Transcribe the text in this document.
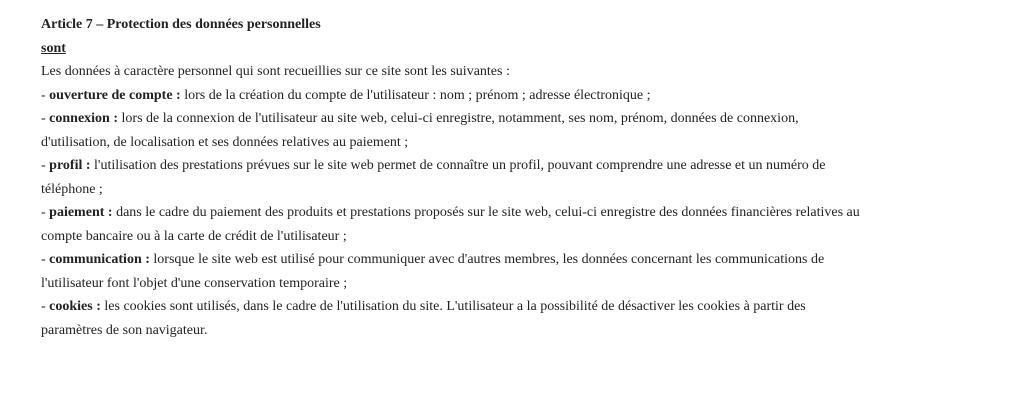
Article 7 – Protection des données personnelles
sont
Les données à caractère personnel qui sont recueillies sur ce site sont les suivantes :
- ouverture de compte : lors de la création du compte de l'utilisateur : nom ; prénom ; adresse électronique ;
- connexion : lors de la connexion de l'utilisateur au site web, celui-ci enregistre, notamment, ses nom, prénom, données de connexion,
d'utilisation, de localisation et ses données relatives au paiement ;
- profil : l'utilisation des prestations prévues sur le site web permet de connaître un profil, pouvant comprendre une adresse et un numéro de
téléphone ;
- paiement : dans le cadre du paiement des produits et prestations proposés sur le site web, celui-ci enregistre des données financières relatives au
compte bancaire ou à la carte de crédit de l'utilisateur ;
- communication : lorsque le site web est utilisé pour communiquer avec d'autres membres, les données concernant les communications de
l'utilisateur font l'objet d'une conservation temporaire ;
- cookies : les cookies sont utilisés, dans le cadre de l'utilisation du site. L'utilisateur a la possibilité de désactiver les cookies à partir des
paramètres de son navigateur.
